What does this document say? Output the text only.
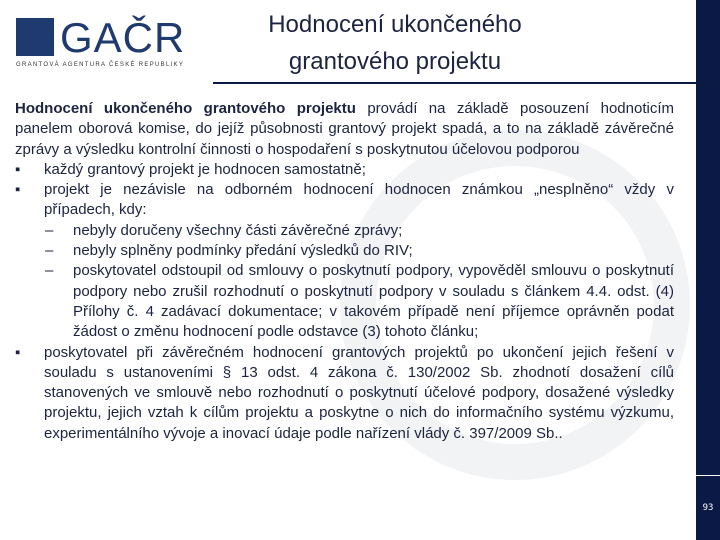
93
GAČR
GRANTOVÁ AGENTURA ČESKÉ REPUBLIKY
Hodnocení ukončeného grantového projektu

Hodnocení ukončeného grantového projektu provádí na základě posouzení hodnoticím panelem oborová komise, do jejíž působnosti grantový projekt spadá, a to na základě závěrečné zprávy a výsledku kontrolní činnosti o hospodaření s poskytnutou účelovou podporou

▪ každý grantový projekt je hodnocen samostatně;
▪ projekt je nezávisle na odborném hodnocení hodnocen známkou „nesplněno“ vždy v případech, kdy:
– nebyly doručeny všechny části závěrečné zprávy;
– nebyly splněny podmínky předání výsledků do RIV;
– poskytovatel odstoupil od smlouvy o poskytnutí podpory, vypověděl smlouvu o poskytnutí podpory nebo zrušil rozhodnutí o poskytnutí podpory v souladu s článkem 4.4. odst. (4) Přílohy č. 4 zadávací dokumentace; v takovém případě není příjemce oprávněn podat žádost o změnu hodnocení podle odstavce (3) tohoto článku;
▪ poskytovatel při závěrečném hodnocení grantových projektů po ukončení jejich řešení v souladu s ustanoveními § 13 odst. 4 zákona č. 130/2002 Sb. zhodnotí dosažení cílů stanovených ve smlouvě nebo rozhodnutí o poskytnutí účelové podpory, dosažené výsledky projektu, jejich vztah k cílům projektu a poskytne o nich do informačního systému výzkumu, experimentálního vývoje a inovací údaje podle nařízení vlády č. 397/2009 Sb..
